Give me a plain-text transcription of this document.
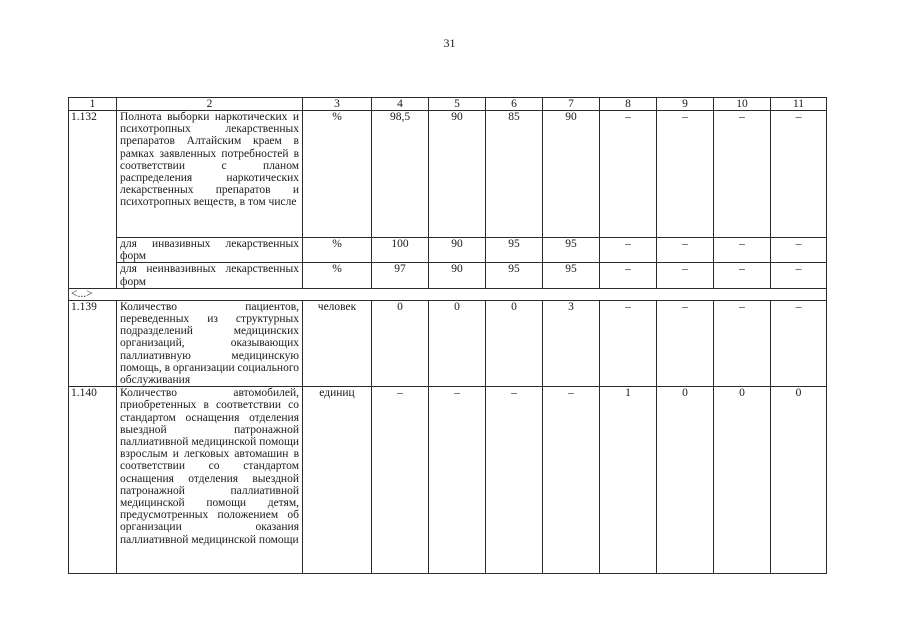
31
1	2	3	4	5	6	7	8	9	10	11
1.132	Полнота выборки наркотических и психотропных лекарственных препаратов Алтайским краем в рамках заявленных потребностей в соответствии с планом распределения наркотических лекарственных препаратов и психотропных веществ, в том числе	%	98,5	90	85	90	–	–	–	–
	для инвазивных лекарственных форм	%	100	90	95	95	–	–	–	–
	для неинвазивных лекарственных форм	%	97	90	95	95	–	–	–	–
<...>										
1.139	Количество пациентов, переведенных из структурных подразделений медицинских организаций, оказывающих паллиативную медицинскую помощь, в организации социального обслуживания	человек	0	0	0	3	–	–	–	–
1.140	Количество автомобилей, приобретенных в соответствии со стандартом оснащения отделения выездной патронажной паллиативной медицинской помощи взрослым и легковых автомашин в соответствии со стандартом оснащения отделения выездной патронажной паллиативной медицинской помощи детям, предусмотренных положением об организации оказания паллиативной медицинской помощи	единиц	–	–	–	–	1	0	0	0
